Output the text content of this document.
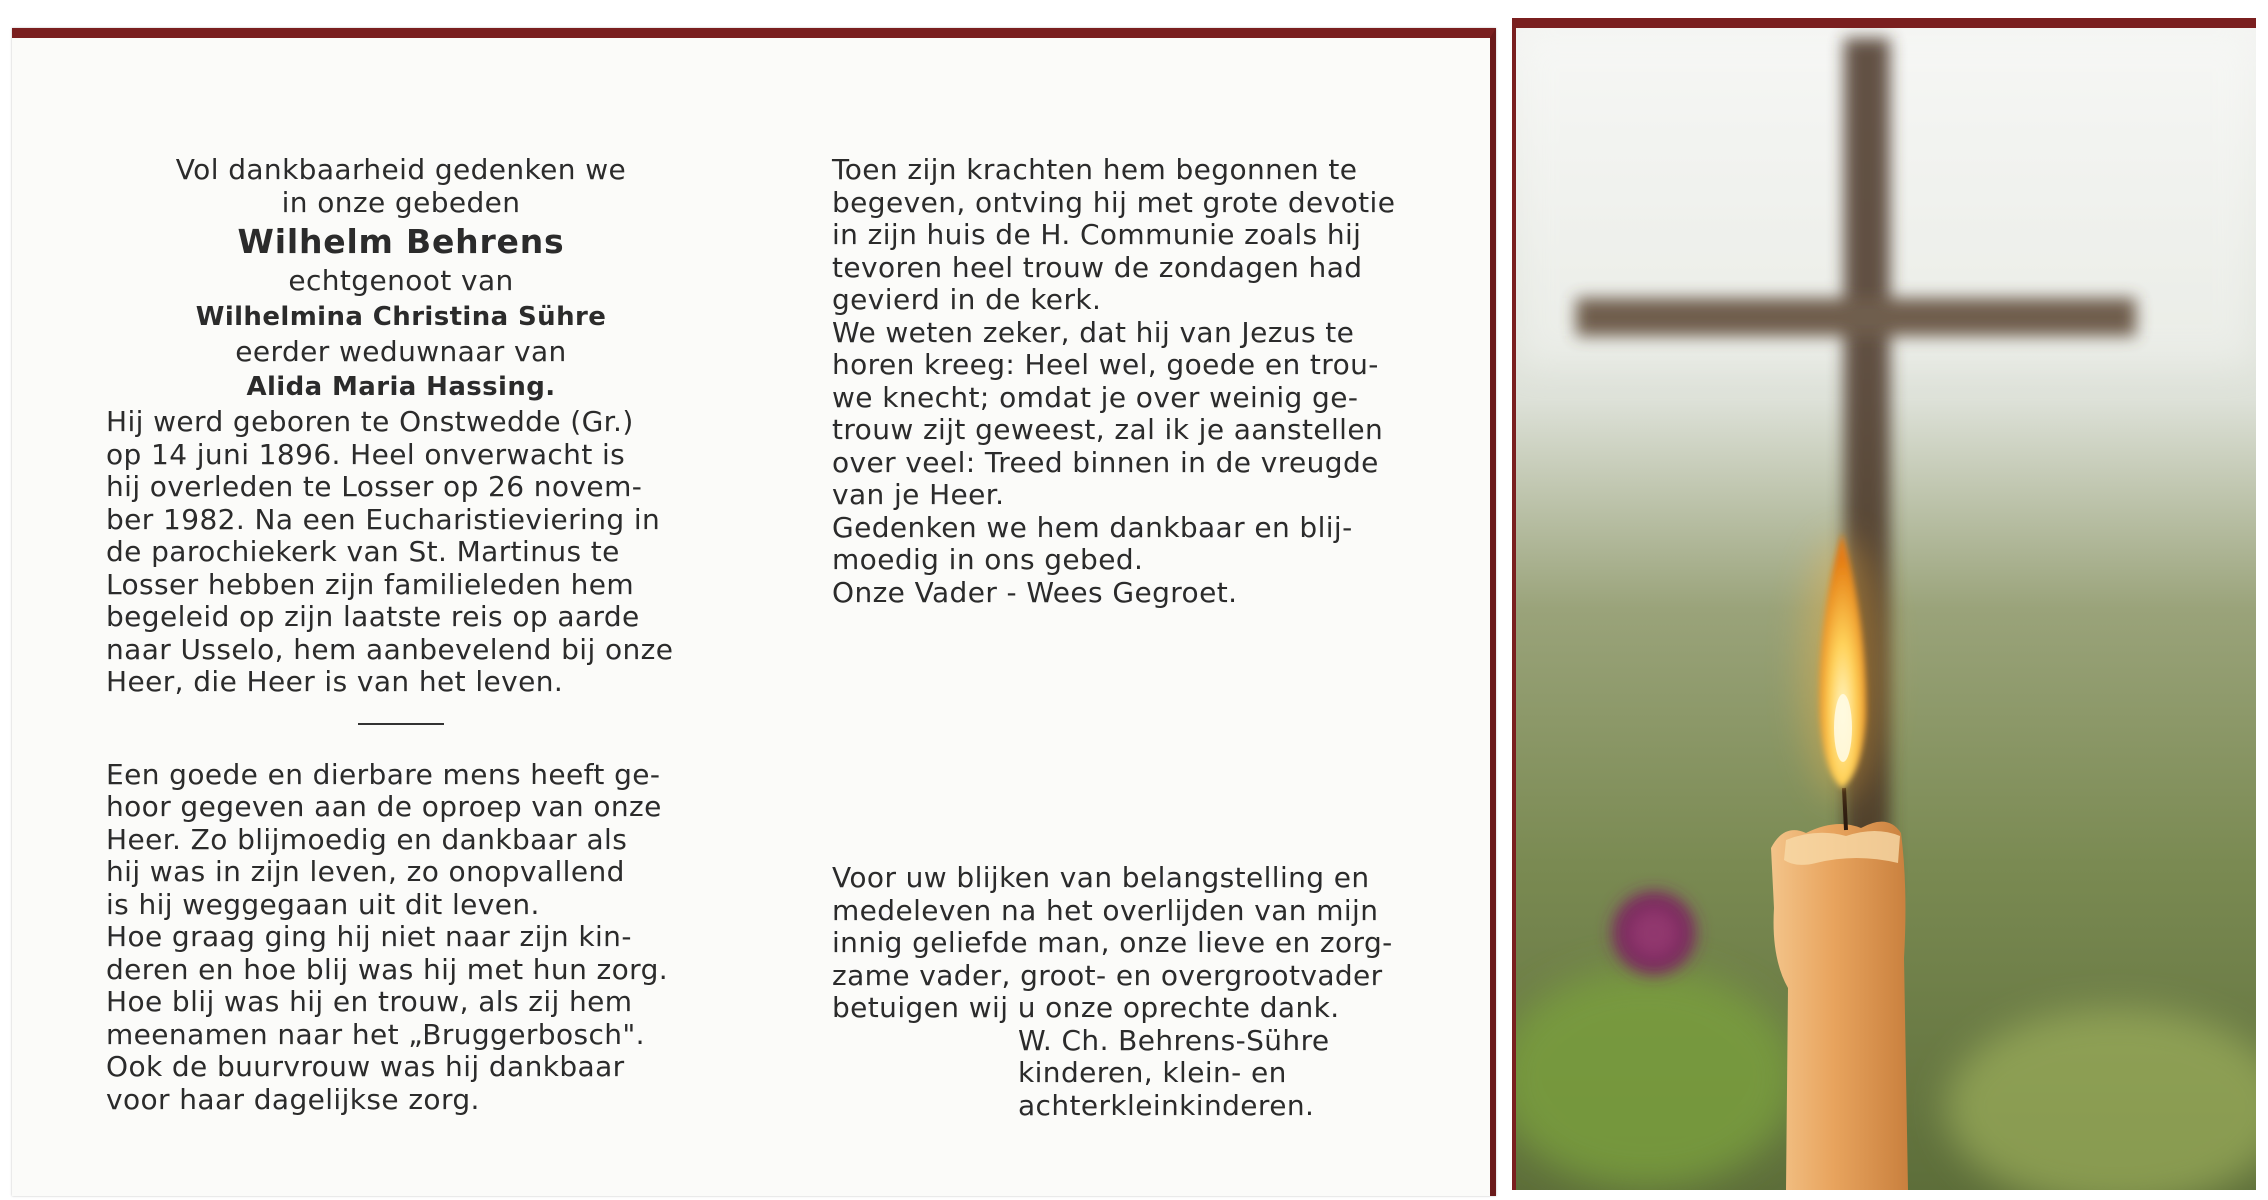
Vol dankbaarheid gedenken we
in onze gebeden
Wilhelm Behrens
echtgenoot van
Wilhelmina Christina Sühre
eerder weduwnaar van
Alida Maria Hassing.
Hij werd geboren te Onstwedde (Gr.)
op 14 juni 1896. Heel onverwacht is
hij overleden te Losser op 26 novem-
ber 1982. Na een Eucharistieviering in
de parochiekerk van St. Martinus te
Losser hebben zijn familieleden hem
begeleid op zijn laatste reis op aarde
naar Usselo, hem aanbevelend bij onze
Heer, die Heer is van het leven.
Een goede en dierbare mens heeft ge-
hoor gegeven aan de oproep van onze
Heer. Zo blijmoedig en dankbaar als
hij was in zijn leven, zo onopvallend
is hij weggegaan uit dit leven.
Hoe graag ging hij niet naar zijn kin-
deren en hoe blij was hij met hun zorg.
Hoe blij was hij en trouw, als zij hem
meenamen naar het „Bruggerbosch".
Ook de buurvrouw was hij dankbaar
voor haar dagelijkse zorg.
Toen zijn krachten hem begonnen te
begeven, ontving hij met grote devotie
in zijn huis de H. Communie zoals hij
tevoren heel trouw de zondagen had
gevierd in de kerk.
We weten zeker, dat hij van Jezus te
horen kreeg: Heel wel, goede en trou-
we knecht; omdat je over weinig ge-
trouw zijt geweest, zal ik je aanstellen
over veel: Treed binnen in de vreugde
van je Heer.
Gedenken we hem dankbaar en blij-
moedig in ons gebed.
Onze Vader - Wees Gegroet.
Voor uw blijken van belangstelling en
medeleven na het overlijden van mijn
innig geliefde man, onze lieve en zorg-
zame vader, groot- en overgrootvader
betuigen wij u onze oprechte dank.
W. Ch. Behrens-Sühre
kinderen, klein- en
achterkleinkinderen.
